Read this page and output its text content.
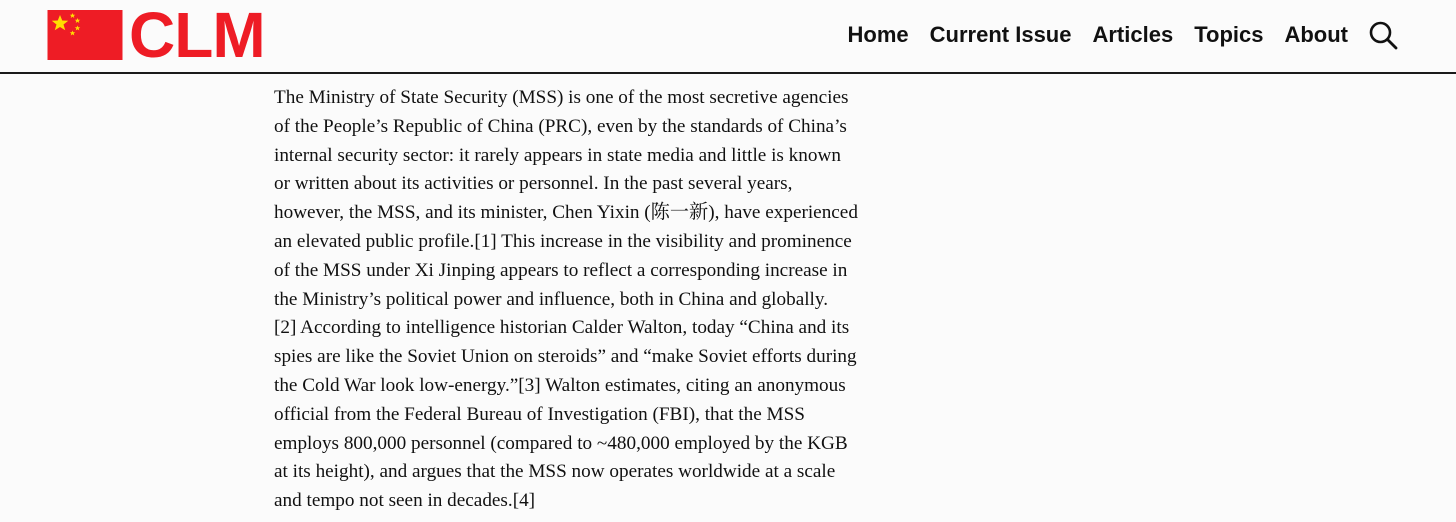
CLM	Home Current Issue Articles Topics About

The Ministry of State Security (MSS) is one of the most secretive agencies
of the People’s Republic of China (PRC), even by the standards of China’s
internal security sector: it rarely appears in state media and little is known
or written about its activities or personnel. In the past several years,
however, the MSS, and its minister, Chen Yixin (陈一新), have experienced
an elevated public profile.[1] This increase in the visibility and prominence
of the MSS under Xi Jinping appears to reflect a corresponding increase in
the Ministry’s political power and influence, both in China and globally.
[2] According to intelligence historian Calder Walton, today “China and its
spies are like the Soviet Union on steroids” and “make Soviet efforts during
the Cold War look low-energy.”[3] Walton estimates, citing an anonymous
official from the Federal Bureau of Investigation (FBI), that the MSS
employs 800,000 personnel (compared to ~480,000 employed by the KGB
at its height), and argues that the MSS now operates worldwide at a scale
and tempo not seen in decades.[4]
